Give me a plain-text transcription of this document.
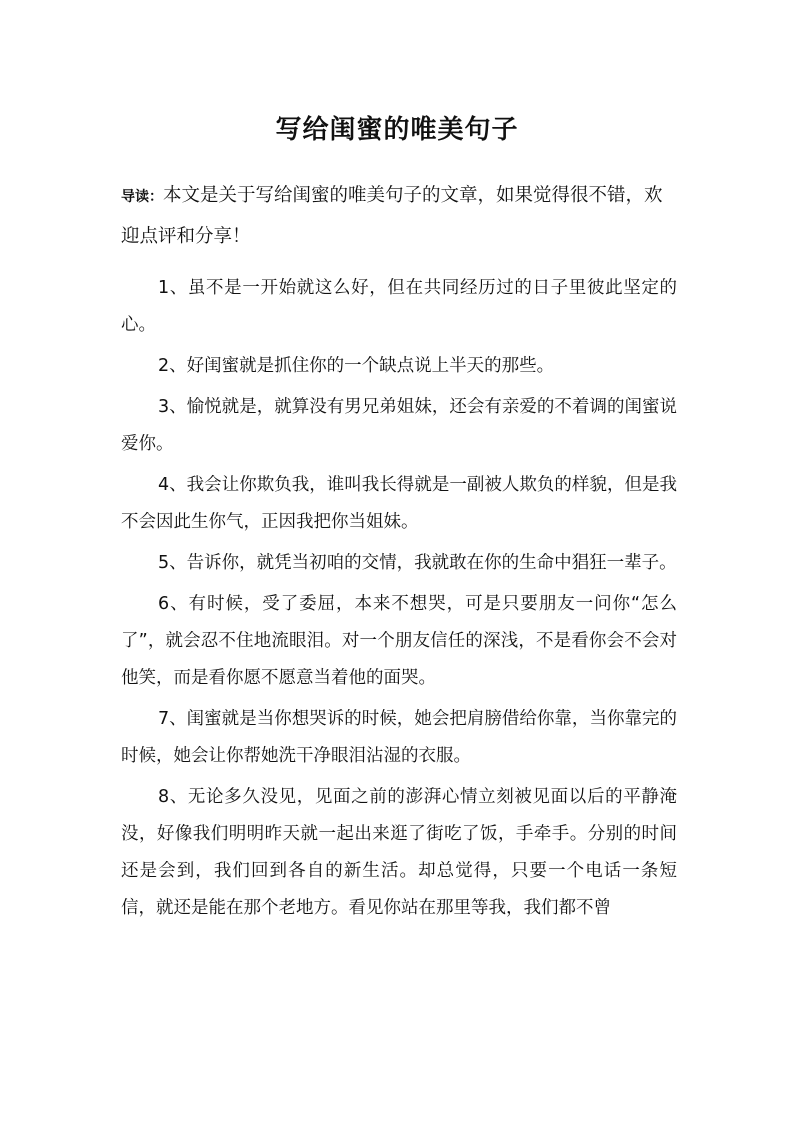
写给闺蜜的唯美句子

导读：本文是关于写给闺蜜的唯美句子的文章，如果觉得很不错，欢迎点评和分享！

1、虽不是一开始就这么好，但在共同经历过的日子里彼此坚定的心。
2、好闺蜜就是抓住你的一个缺点说上半天的那些。
3、愉悦就是，就算没有男兄弟姐妹，还会有亲爱的不着调的闺蜜说爱你。
4、我会让你欺负我，谁叫我长得就是一副被人欺负的样貌，但是我不会因此生你气，正因我把你当姐妹。
5、告诉你，就凭当初咱的交情，我就敢在你的生命中猖狂一辈子。
6、有时候，受了委屈，本来不想哭，可是只要朋友一问你“怎么了”，就会忍不住地流眼泪。对一个朋友信任的深浅，不是看你会不会对他笑，而是看你愿不愿意当着他的面哭。
7、闺蜜就是当你想哭诉的时候，她会把肩膀借给你靠，当你靠完的时候，她会让你帮她洗干净眼泪沾湿的衣服。
8、无论多久没见，见面之前的澎湃心情立刻被见面以后的平静淹没，好像我们明明昨天就一起出来逛了街吃了饭，手牵手。分别的时间还是会到，我们回到各自的新生活。却总觉得，只要一个电话一条短信，就还是能在那个老地方。看见你站在那里等我，我们都不曾
